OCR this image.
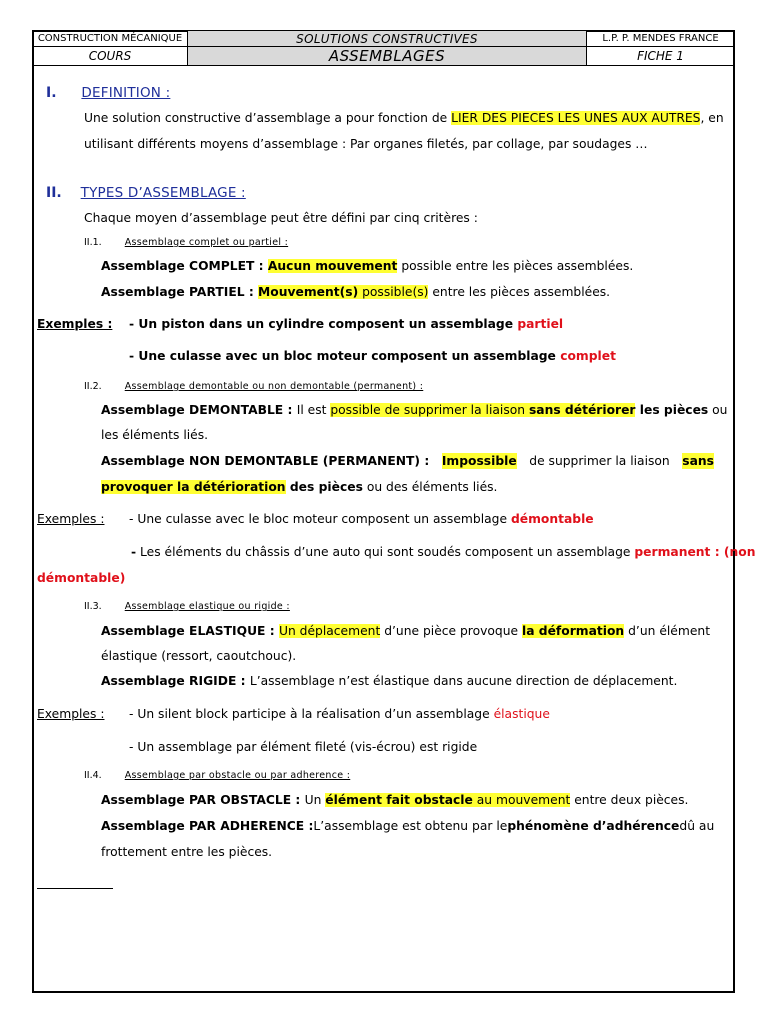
CONSTRUCTION MÉCANIQUE	SOLUTIONS CONSTRUCTIVES	L.P. P. MENDES FRANCE
COURS	ASSEMBLAGES	FICHE 1
I. DEFINITION :
Une solution constructive d’assemblage a pour fonction de LIER DES PIECES LES UNES AUX AUTRES, en
utilisant différents moyens d’assemblage : Par organes filetés, par collage, par soudages …
II. TYPES D’ASSEMBLAGE :
Chaque moyen d’assemblage peut être défini par cinq critères :
II.1. Assemblage complet ou partiel :
Assemblage COMPLET : Aucun mouvement possible entre les pièces assemblées.
Assemblage PARTIEL : Mouvement(s) possible(s) entre les pièces assemblées.
Exemples : - Un piston dans un cylindre composent un assemblage partiel
- Une culasse avec un bloc moteur composent un assemblage complet
II.2. Assemblage demontable ou non demontable (permanent) :
Assemblage DEMONTABLE : Il est possible de supprimer la liaison sans détériorer les pièces ou
les éléments liés.
Assemblage NON DEMONTABLE (PERMANENT) : Impossible de supprimer la liaison sans
provoquer la détérioration des pièces ou des éléments liés.
Exemples : - Une culasse avec le bloc moteur composent un assemblage démontable
- Les éléments du châssis d’une auto qui sont soudés composent un assemblage permanent : (non
démontable)
II.3. Assemblage elastique ou rigide :
Assemblage ELASTIQUE : Un déplacement d’une pièce provoque la déformation d’un élément
élastique (ressort, caoutchouc).
Assemblage RIGIDE : L’assemblage n’est élastique dans aucune direction de déplacement.
Exemples : - Un silent block participe à la réalisation d’un assemblage élastique
- Un assemblage par élément fileté (vis-écrou) est rigide
II.4. Assemblage par obstacle ou par adherence :
Assemblage PAR OBSTACLE : Un élément fait obstacle au mouvement entre deux pièces.
Assemblage PAR ADHERENCE : L’assemblage est obtenu par le phénomène d’adhérence dû au
frottement entre les pièces.
